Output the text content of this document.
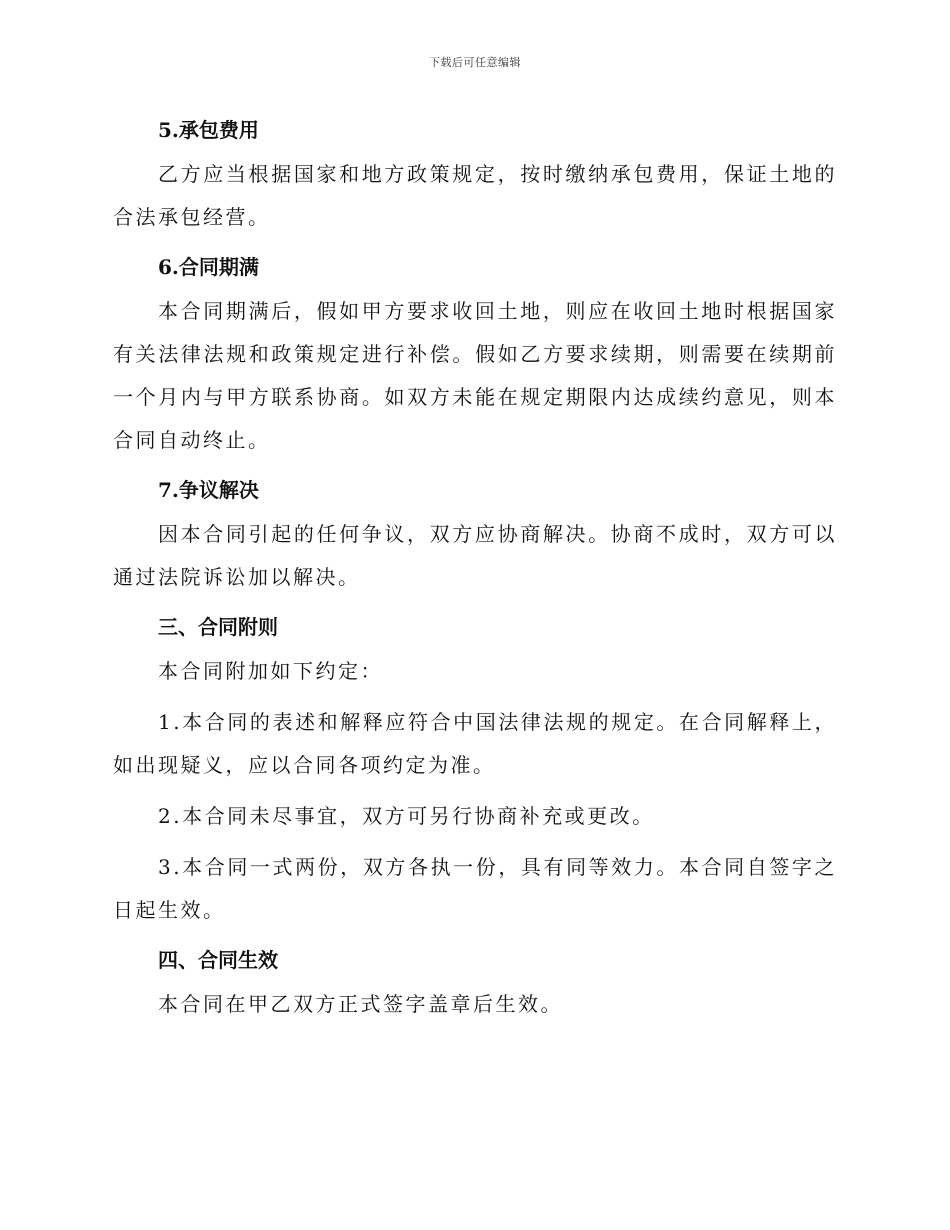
下载后可任意编辑
5.承包费用

乙方应当根据国家和地方政策规定，按时缴纳承包费用，保证土地的合法承包经营。

6.合同期满

本合同期满后，假如甲方要求收回土地，则应在收回土地时根据国家有关法律法规和政策规定进行补偿。假如乙方要求续期，则需要在续期前一个月内与甲方联系协商。如双方未能在规定期限内达成续约意见，则本合同自动终止。

7.争议解决

因本合同引起的任何争议，双方应协商解决。协商不成时，双方可以通过法院诉讼加以解决。

三、合同附则

本合同附加如下约定：

1.本合同的表述和解释应符合中国法律法规的规定。在合同解释上，如出现疑义，应以合同各项约定为准。

2.本合同未尽事宜，双方可另行协商补充或更改。

3.本合同一式两份，双方各执一份，具有同等效力。本合同自签字之日起生效。

四、合同生效

本合同在甲乙双方正式签字盖章后生效。
